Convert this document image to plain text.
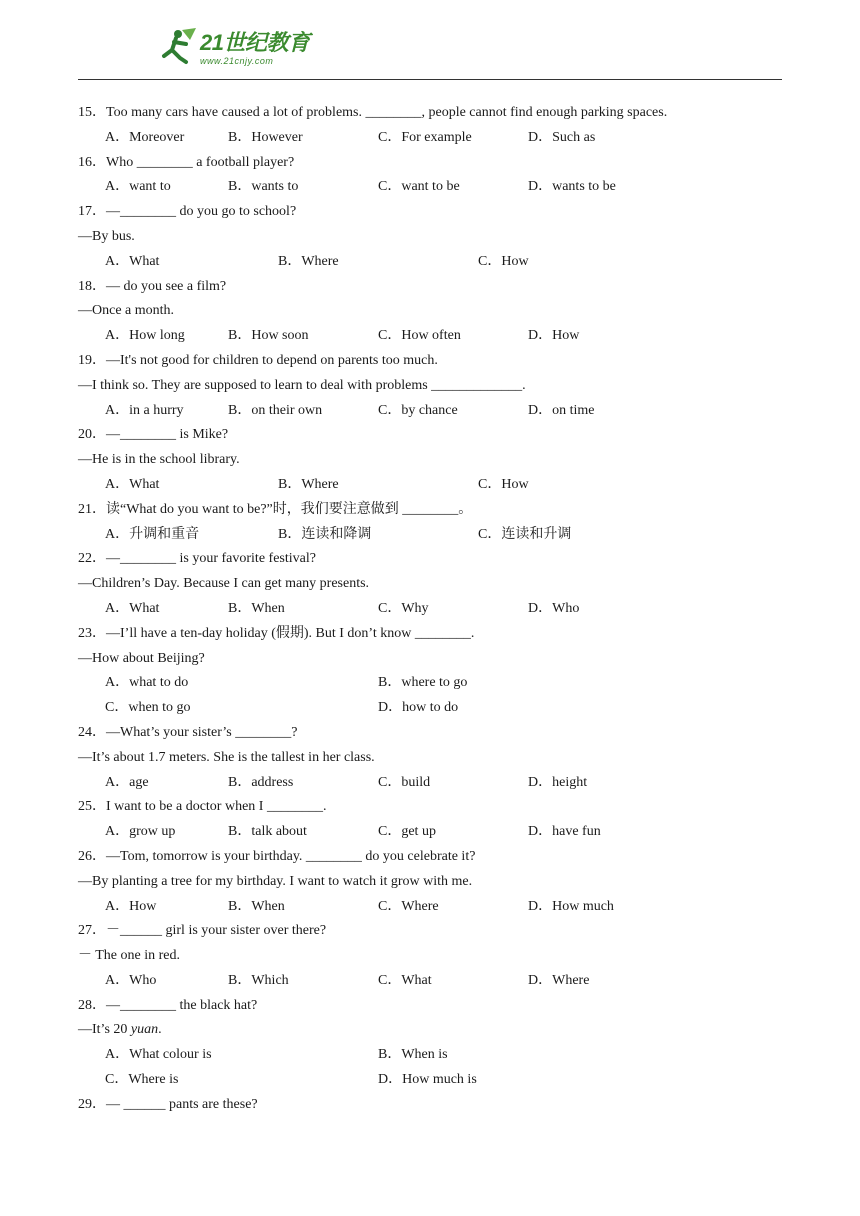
21世纪教育
www.21cnjy.com
15．Too many cars have caused a lot of problems. ________, people cannot find enough parking spaces.
A．Moreover	B．However	C．For example	D．Such as
16．Who ________ a football player?
A．want to	B．wants to	C．want to be	D．wants to be
17．—________ do you go to school?
—By bus.
A．What	B．Where	C．How
18．— do you see a film?
—Once a month.
A．How long	B．How soon	C．How often	D．How
19．—It's not good for children to depend on parents too much.
—I think so. They are supposed to learn to deal with problems _____________.
A．in a hurry	B．on their own	C．by chance	D．on time
20．—________ is Mike?
—He is in the school library.
A．What	B．Where	C．How
21．读“What do you want to be?”时，我们要注意做到 ________。
A．升调和重音	B．连读和降调	C．连读和升调
22．—________ is your favorite festival?
—Children’s Day. Because I can get many presents.
A．What	B．When	C．Why	D．Who
23．—I’ll have a ten-day holiday (假期). But I don’t know ________.
—How about Beijing?
A．what to do	B．where to go
C．when to go	D．how to do
24．—What’s your sister’s ________?
—It’s about 1.7 meters. She is the tallest in her class.
A．age	B．address	C．build	D．height
25．I want to be a doctor when I ________.
A．grow up	B．talk about	C．get up	D．have fun
26．—Tom, tomorrow is your birthday. ________ do you celebrate it?
—By planting a tree for my birthday. I want to watch it grow with me.
A．How	B．When	C．Where	D．How much
27．－______ girl is your sister over there?
－ The one in red.
A．Who	B．Which	C．What	D．Where
28．—________ the black hat?
—It’s 20 yuan.
A．What colour is	B．When is
C．Where is	D．How much is
29．— ______ pants are these?
